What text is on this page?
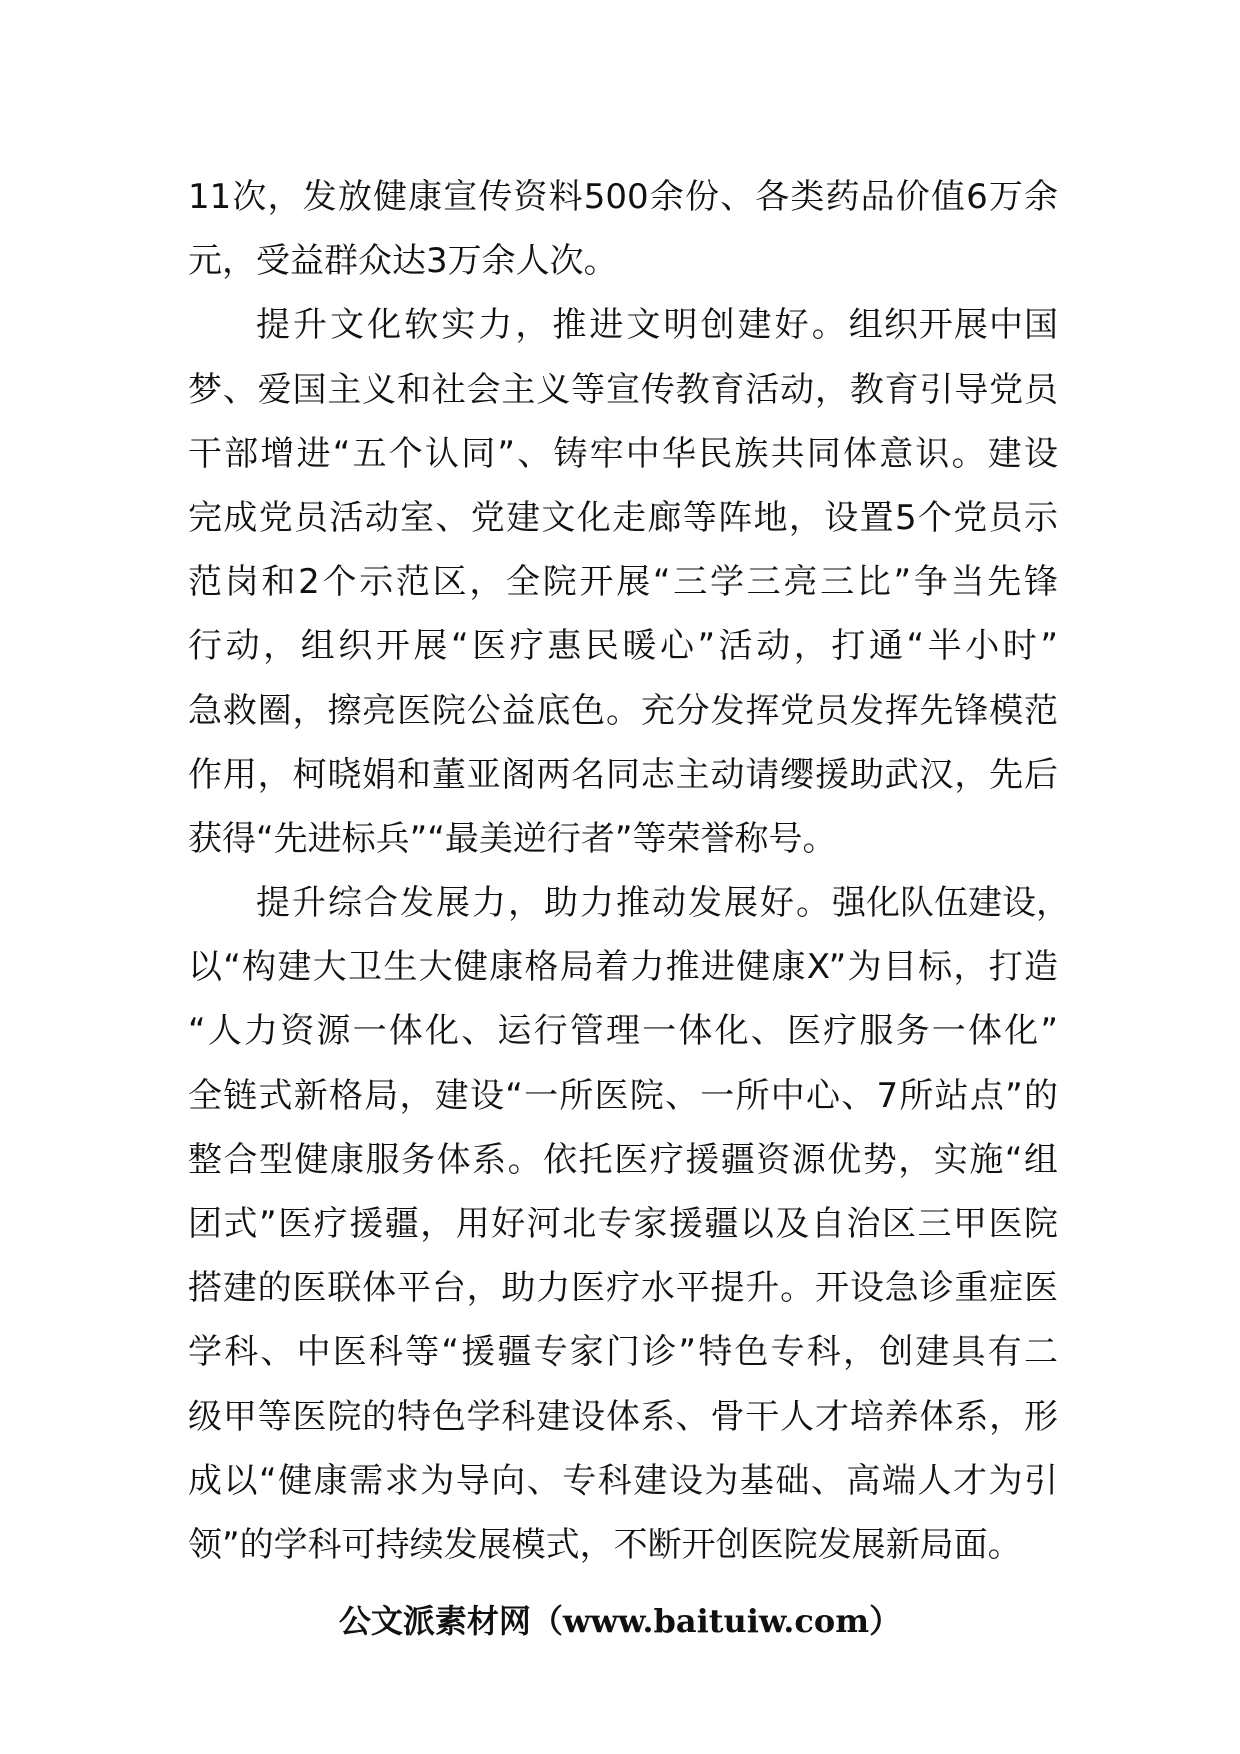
11次，发放健康宣传资料500余份、各类药品价值6万余
元，受益群众达3万余人次。
提升文化软实力，推进文明创建好。组织开展中国
梦、爱国主义和社会主义等宣传教育活动，教育引导党员
干部增进“五个认同”、铸牢中华民族共同体意识。建设
完成党员活动室、党建文化走廊等阵地，设置5个党员示
范岗和2个示范区，全院开展“三学三亮三比”争当先锋
行动，组织开展“医疗惠民暖心”活动，打通“半小时”
急救圈，擦亮医院公益底色。充分发挥党员发挥先锋模范
作用，柯晓娟和董亚阁两名同志主动请缨援助武汉，先后
获得“先进标兵”“最美逆行者”等荣誉称号。
提升综合发展力，助力推动发展好。强化队伍建设，
以“构建大卫生大健康格局着力推进健康X”为目标，打造
“人力资源一体化、运行管理一体化、医疗服务一体化”
全链式新格局，建设“一所医院、一所中心、7所站点”的
整合型健康服务体系。依托医疗援疆资源优势，实施“组
团式”医疗援疆，用好河北专家援疆以及自治区三甲医院
搭建的医联体平台，助力医疗水平提升。开设急诊重症医
学科、中医科等“援疆专家门诊”特色专科，创建具有二
级甲等医院的特色学科建设体系、骨干人才培养体系，形
成以“健康需求为导向、专科建设为基础、高端人才为引
领”的学科可持续发展模式，不断开创医院发展新局面。
公文派素材网（www.baituiw.com）
